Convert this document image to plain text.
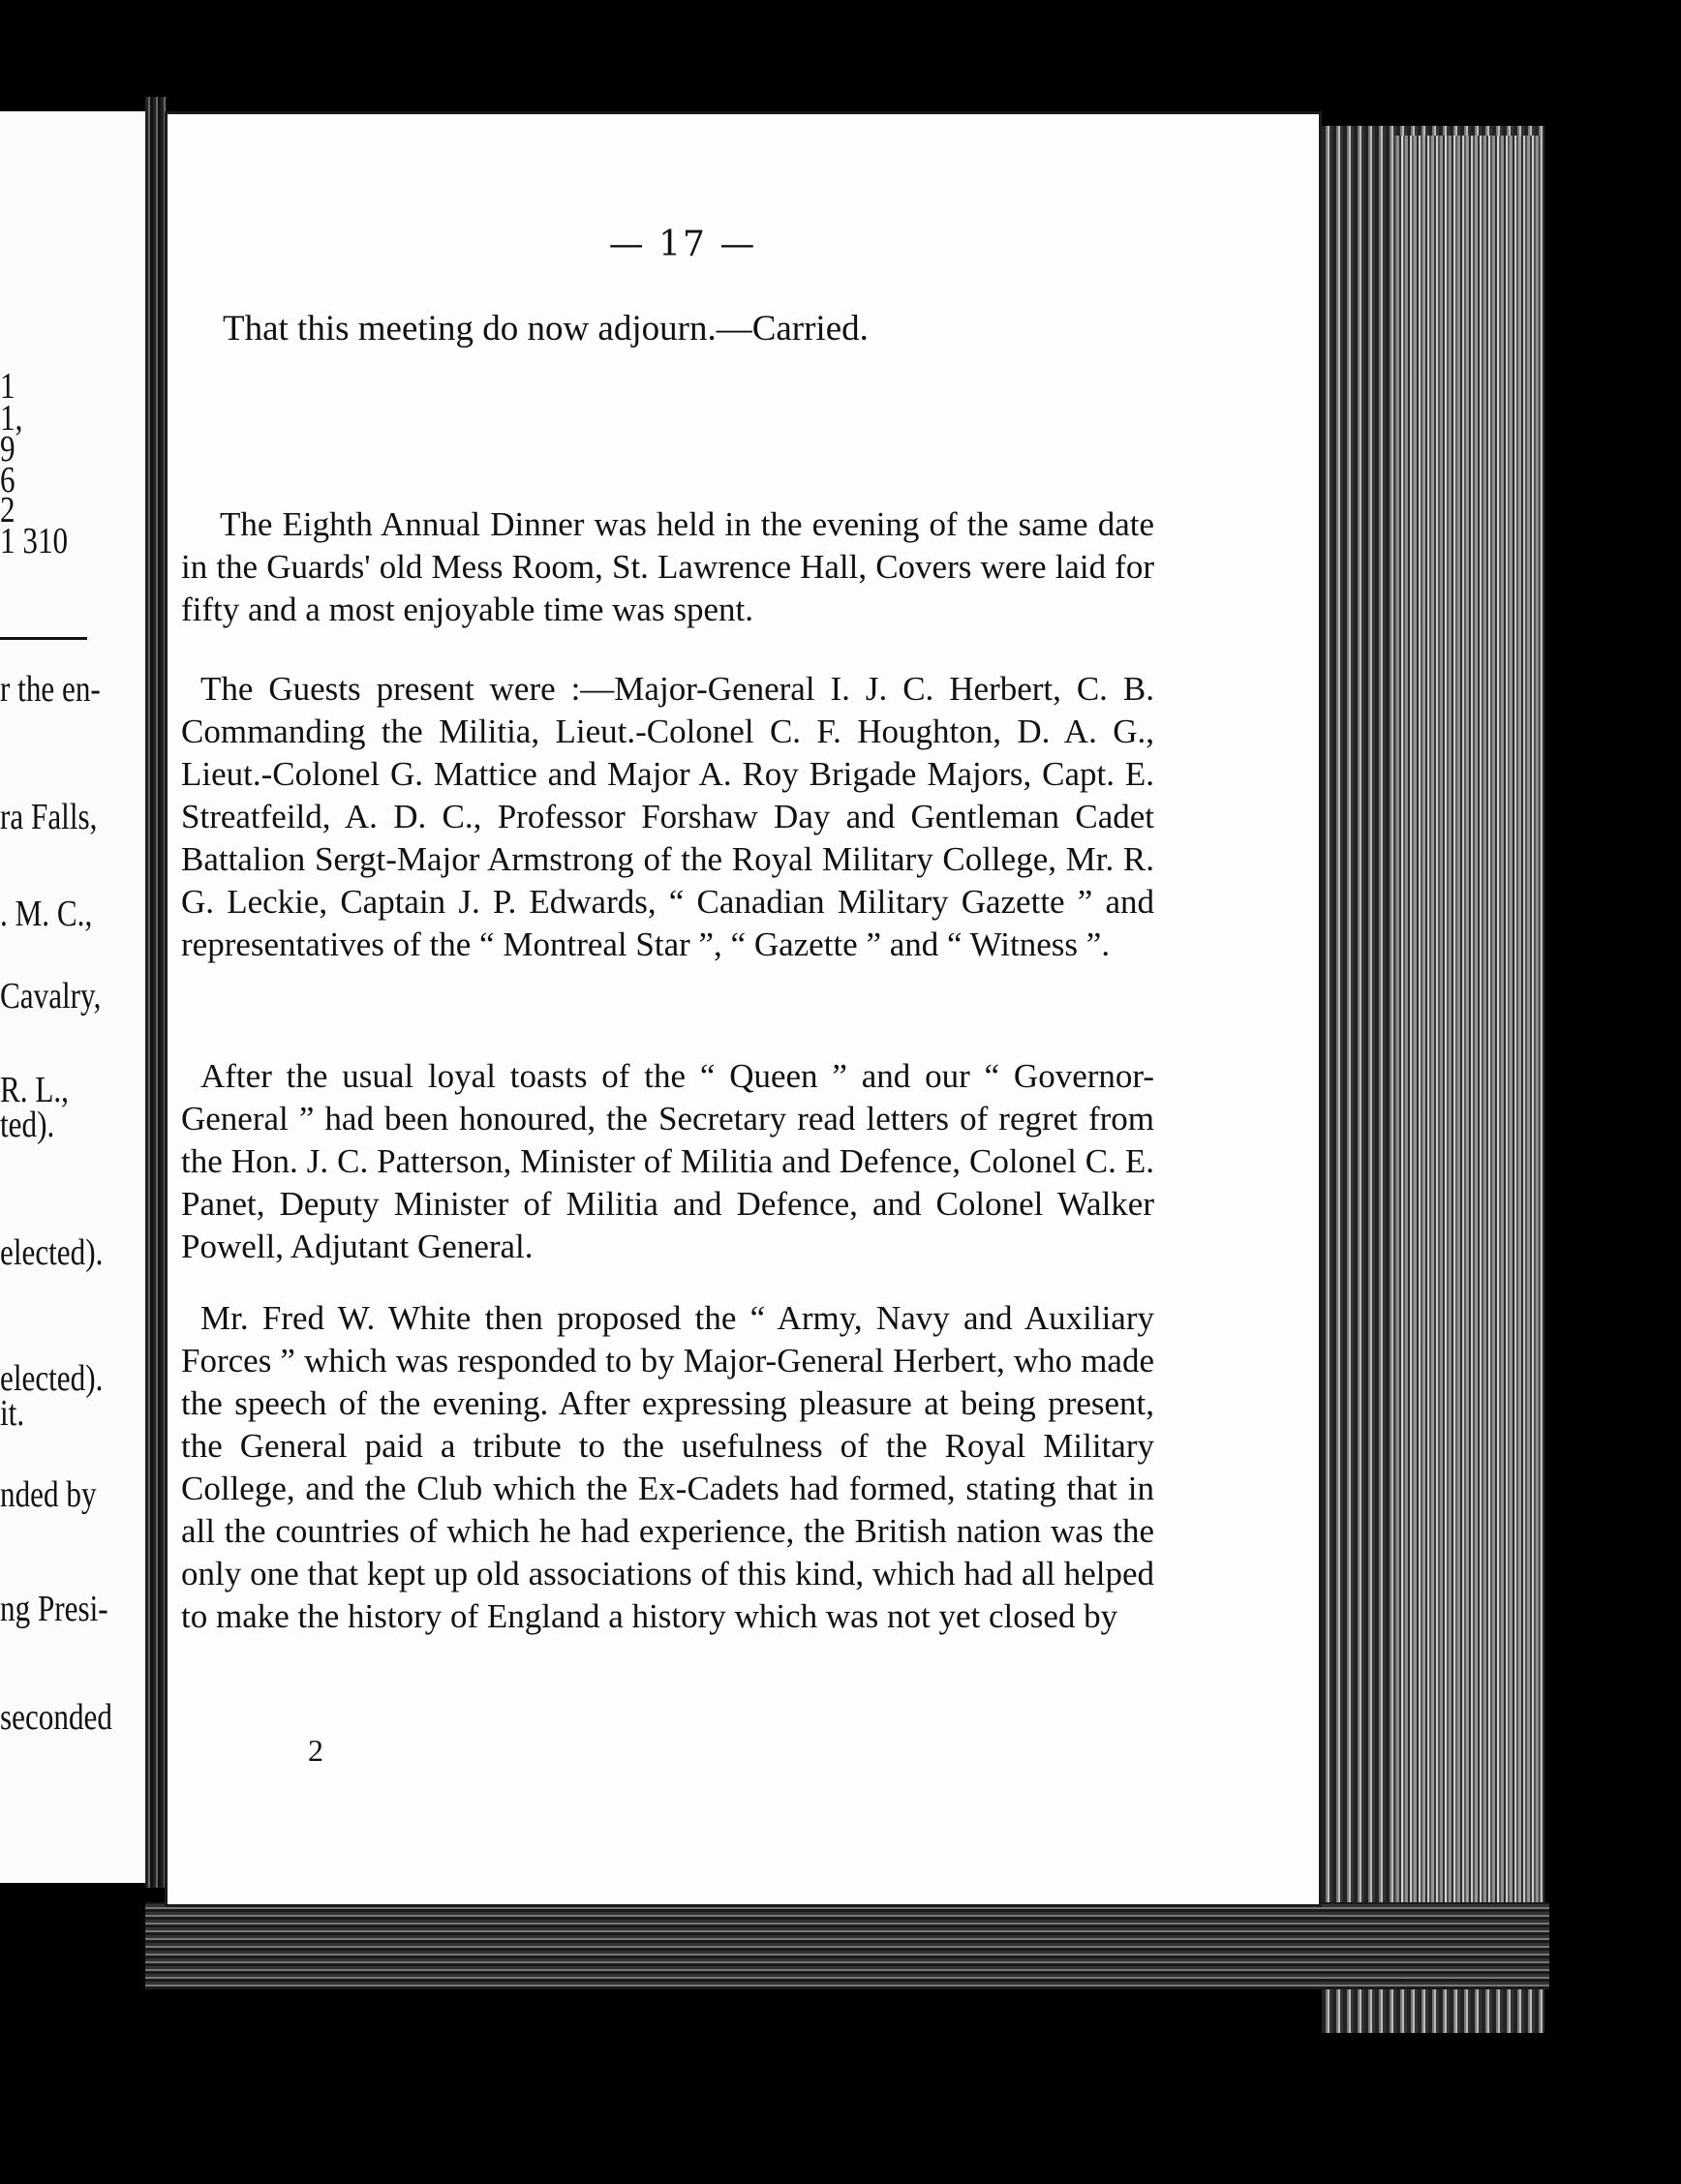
1
1,
9
6
2
1 310
r the en-
ra Falls,
. M. C.,
Cavalry,
R. L.,
ted).
elected).
elected).
it.
nded by
ng Presi-
seconded
— 17 —
That this meeting do now adjourn.—Carried.
The Eighth Annual Dinner was held in the evening of the same date in the Guards' old Mess Room, St. Lawrence Hall, Covers were laid for fifty and a most enjoyable time was spent.
The Guests present were :—Major-General I. J. C. Herbert, C. B. Commanding the Militia, Lieut.-Colonel C. F. Houghton, D. A. G., Lieut.-Colonel G. Mattice and Major A. Roy Brigade Majors, Capt. E. Streatfeild, A. D. C., Professor Forshaw Day and Gentleman Cadet Battalion Sergt-Major Armstrong of the Royal Military College, Mr. R. G. Leckie, Captain J. P. Edwards, “ Canadian Military Gazette ” and representatives of the “ Montreal Star ”, “ Gazette ” and “ Witness ”.
After the usual loyal toasts of the “ Queen ” and our “ Governor-General ” had been honoured, the Secretary read letters of regret from the Hon. J. C. Patterson, Minister of Militia and Defence, Colonel C. E. Panet, Deputy Minister of Militia and Defence, and Colonel Walker Powell, Adjutant General.
Mr. Fred W. White then proposed the “ Army, Navy and Auxiliary Forces ” which was responded to by Major-General Herbert, who made the speech of the evening. After expressing pleasure at being present, the General paid a tribute to the usefulness of the Royal Military College, and the Club which the Ex-Cadets had formed, stating that in all the countries of which he had experience, the British nation was the only one that kept up old associations of this kind, which had all helped to make the history of England a history which was not yet closed by
2
